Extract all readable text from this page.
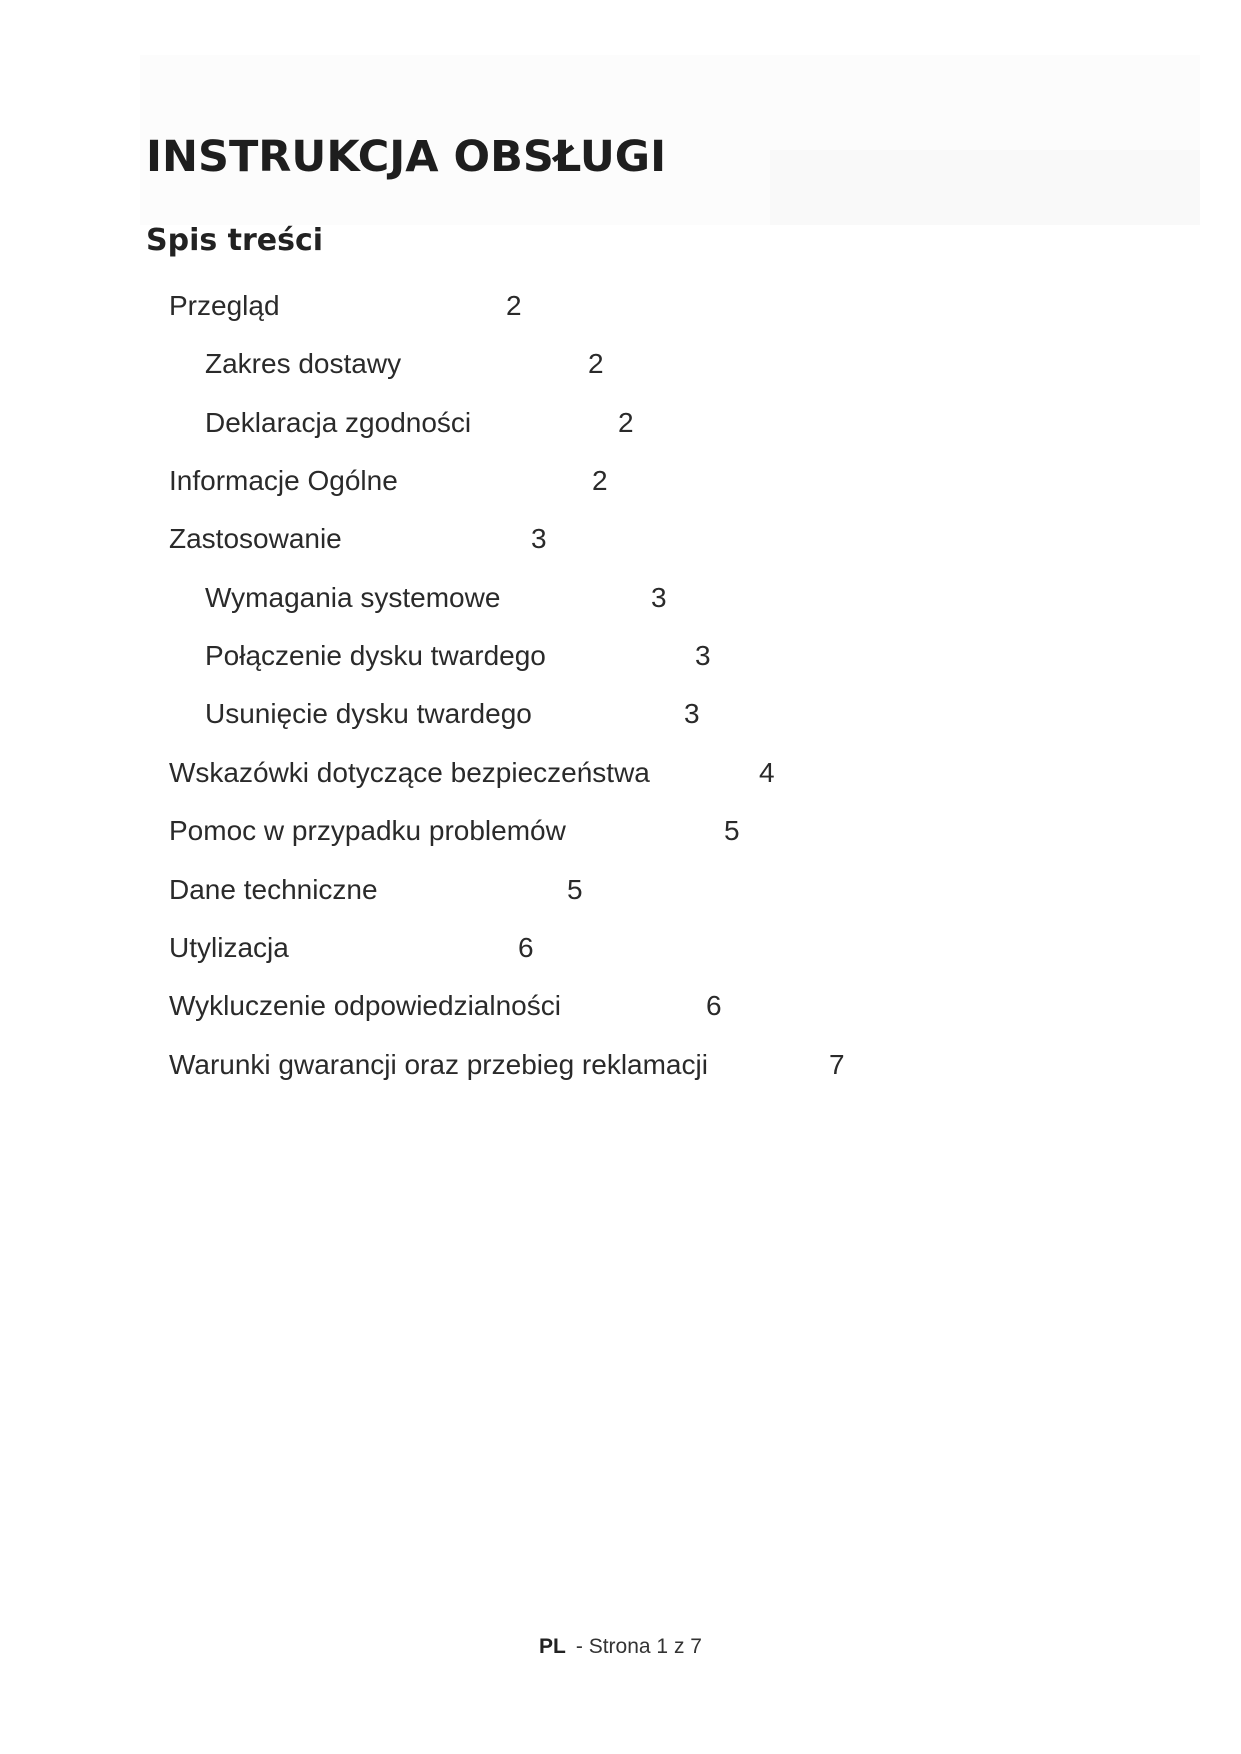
INSTRUKCJA OBSŁUGI
Spis treści
Przegląd	2
Zakres dostawy	2
Deklaracja zgodności	2
Informacje Ogólne	2
Zastosowanie	3
Wymagania systemowe	3
Połączenie dysku twardego	3
Usunięcie dysku twardego	3
Wskazówki dotyczące bezpieczeństwa	4
Pomoc w przypadku problemów	5
Dane techniczne	5
Utylizacja	6
Wykluczenie odpowiedzialności	6
Warunki gwarancji oraz przebieg reklamacji	7
PL - Strona 1 z 7
